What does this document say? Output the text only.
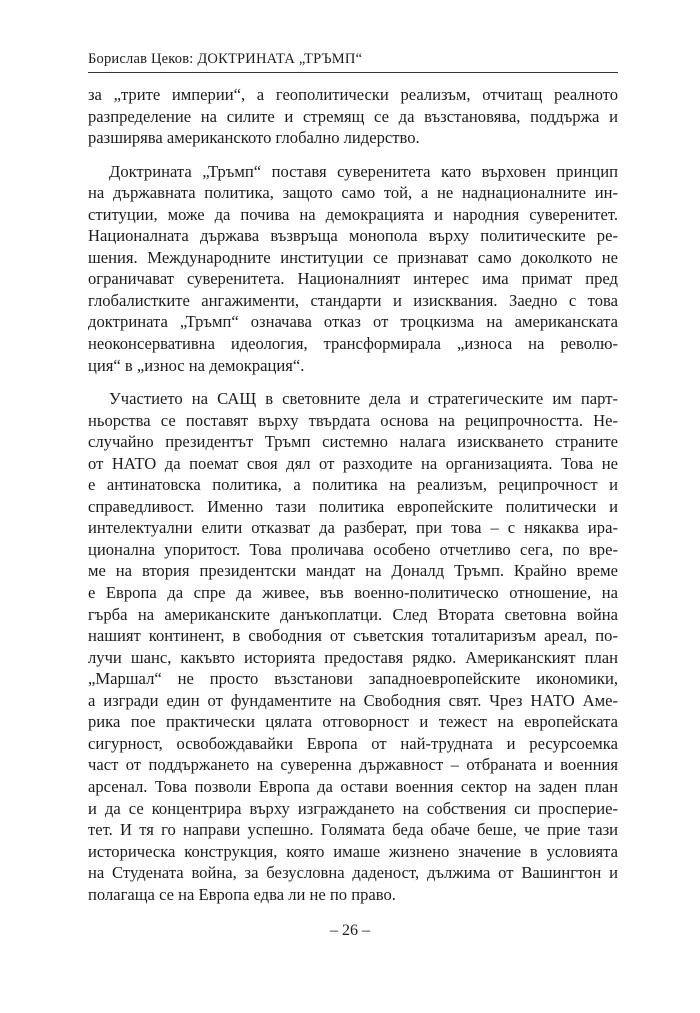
Борислав Цеков: ДОКТРИНАТА „ТРЪМП“
за „трите империи“, а геополитически реализъм, отчитащ реалното
разпределение на силите и стремящ се да възстановява, поддържа и
разширява американското глобално лидерство.
Доктрината „Тръмп“ поставя суверенитета като върховен принцип
на държавната политика, защото само той, а не наднационалните ин-
ституции, може да почива на демокрацията и народния суверенитет.
Националната държава възвръща монопола върху политическите ре-
шения. Международните институции се признават само доколкото не
ограничават суверенитета. Националният интерес има примат пред
глобалистките ангажименти, стандарти и изисквания. Заедно с това
доктрината „Тръмп“ означава отказ от троцкизма на американската
неоконсервативна идеология, трансформирала „износа на револю-
ция“ в „износ на демокрация“.
Участието на САЩ в световните дела и стратегическите им парт-
ньорства се поставят върху твърдата основа на реципрочността. Не-
случайно президентът Тръмп системно налага изискването страните
от НАТО да поемат своя дял от разходите на организацията. Това не
е антинатовска политика, а политика на реализъм, реципрочност и
справедливост. Именно тази политика европейските политически и
интелектуални елити отказват да разберат, при това – с някаква ира-
ционална упоритост. Това проличава особено отчетливо сега, по вре-
ме на втория президентски мандат на Доналд Тръмп. Крайно време
е Европа да спре да живее, във военно-политическо отношение, на
гърба на американските данъкоплатци. След Втората световна война
нашият континент, в свободния от съветския тоталитаризъм ареал, по-
лучи шанс, какъвто историята предоставя рядко. Американският план
„Маршал“ не просто възстанови западноевропейските икономики,
а изгради един от фундаментите на Свободния свят. Чрез НАТО Аме-
рика пое практически цялата отговорност и тежест на европейската
сигурност, освобождавайки Европа от най-трудната и ресурсоемка
част от поддържането на суверенна държавност – отбраната и военния
арсенал. Това позволи Европа да остави военния сектор на заден план
и да се концентрира върху изграждането на собствения си просперие-
тет. И тя го направи успешно. Голямата беда обаче беше, че прие тази
историческа конструкция, която имаше жизнено значение в условията
на Студената война, за безусловна даденост, дължима от Вашингтон и
полагаща се на Европа едва ли не по право.
– 26 –
